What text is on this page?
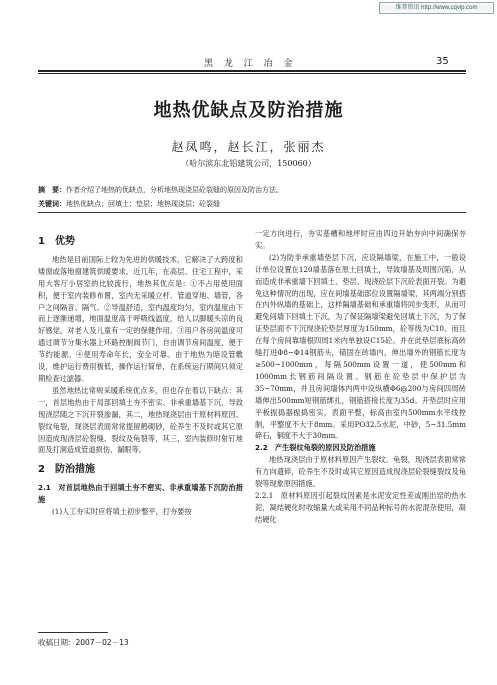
维普资讯 http://www.cqvip.com
黑 龙 江 冶 金	35
地热优缺点及防治措施
赵凤鸣，赵长江，张丽杰
（哈尔滨东北铝建筑公司，150060）
摘　要：作者介绍了地热的优缺点，分析地热现浇层砼裂缝的原因及防治方法。
关键词：地热优缺点；回填土；垫层；地热现浇层；砼裂缝

1　优势

地热是目前国际上较为先进的供暖技术，它解决了大跨度和矮窗或落地窗建筑供暖要求，近几年，在高层、住宅工程中，采用大客厅小居室的比较流行，地热其优点是：①不占用使用面积，便于室内装修布置，室内无采暖立杆、管道穿地、墙管，各户之间隔音、隔气。②导温舒适，室内温度均匀，室内温度由下而上逐渐递增，地面温度高于呼吸线温度，给人以脚暖头凉的良好感觉，对老人及儿童有一定的保健作用。③用户各房间温度可通过调节分集水器上环路控制阀节门，自由调节房间温度，便于节约能源。④使用寿命年长，安全可靠。由于地热为暗设管敷设，维护运行费用极低，操作运行简单，在系统运行期间只须定期检查过滤器。

虽然地热比常规采暖系统优点多，但也存在着以下缺点：其一，首层地热由于局部回填土夯不密实、非承重墙基下沉，导致现浇层随之下沉开裂渗漏，其二，地热现浇层由于原材料原因、裂纹龟裂，现浇层表面常常提留鹤砌砂，砼养生不及时或其它原因造成现浇层砼裂缝、裂纹及龟裂等，其三，室内装修时射钉地面及打洞造成管道损伤、漏眼等。

2　防治措施

2.1　对首层地热由于回填土夯不密实、非承重墙基下沉防治措施

(1)人工夯实时应将填土初步整平，打夯要按

一定方向进行，夯实基槽和地坪时应由四边开始夯向中间确保夯实。

(2)为防非承重墙垫层下沉，应设隔墙梁，在施工中，一般设计单位设置在120墙基落在原土回填土，导致墙基及周围沉陷，从而造成非承重墙下回填土、垫层、现浇砼层下沉砼表面开裂。为避免这种情况的出现，应在间墙基础部位设置隔墙梁，其两端分别搭在内外纵墙的基础上，这样隔墙基础和承重墙将同步变形，从而可避免间墙下回填土下沉，为了保证隔墙梁避免回填土下沉，为了保证垫层面不下沉现浇砼垫层厚度为150mm，砼等级为C10。而且在每个房间靠墙根四周1米内单独设C15砼。并在此垫层底标高砖缝打进Φ8~Φ14钢筋头，锚固在砖墙内，伸出墙外的钢筋长度为≥500~1000mm，每隔500mm设置一道，使500mm和1000mm长钢筋间隔设置。钢筋在砼垫层中保护层为35~70mm，并且房间墙体内两中设纵横Φ6@200与房间四周砖墙伸出500mm短钢筋绑扎，钢筋搭接长度为35d。开垫层时应用平板振捣器振捣密实，表面平整，标高由室内500mm水平线控制，平整度不大于8mm。采用PO32.5水泥，中砂，5~31.5mm碎石，铜度不大于30mm。

2.2　产生裂纹龟裂的原因及防治措施

地热现浇层由于原材料原因产生裂纹、龟裂，现浇层表面常常有方向遗碎，砼养生不及时或其它原因造成现浇层砼裂缝裂纹及龟裂等现象原因措施。

2.2.1　原材料原因引起裂纹因素是水泥安定性差或刚出窑的热水泥，凝结硬化时收缩量大或采用不同品种标号的水泥混杂使用，凝结硬化

收稿日期：2007－02－13
